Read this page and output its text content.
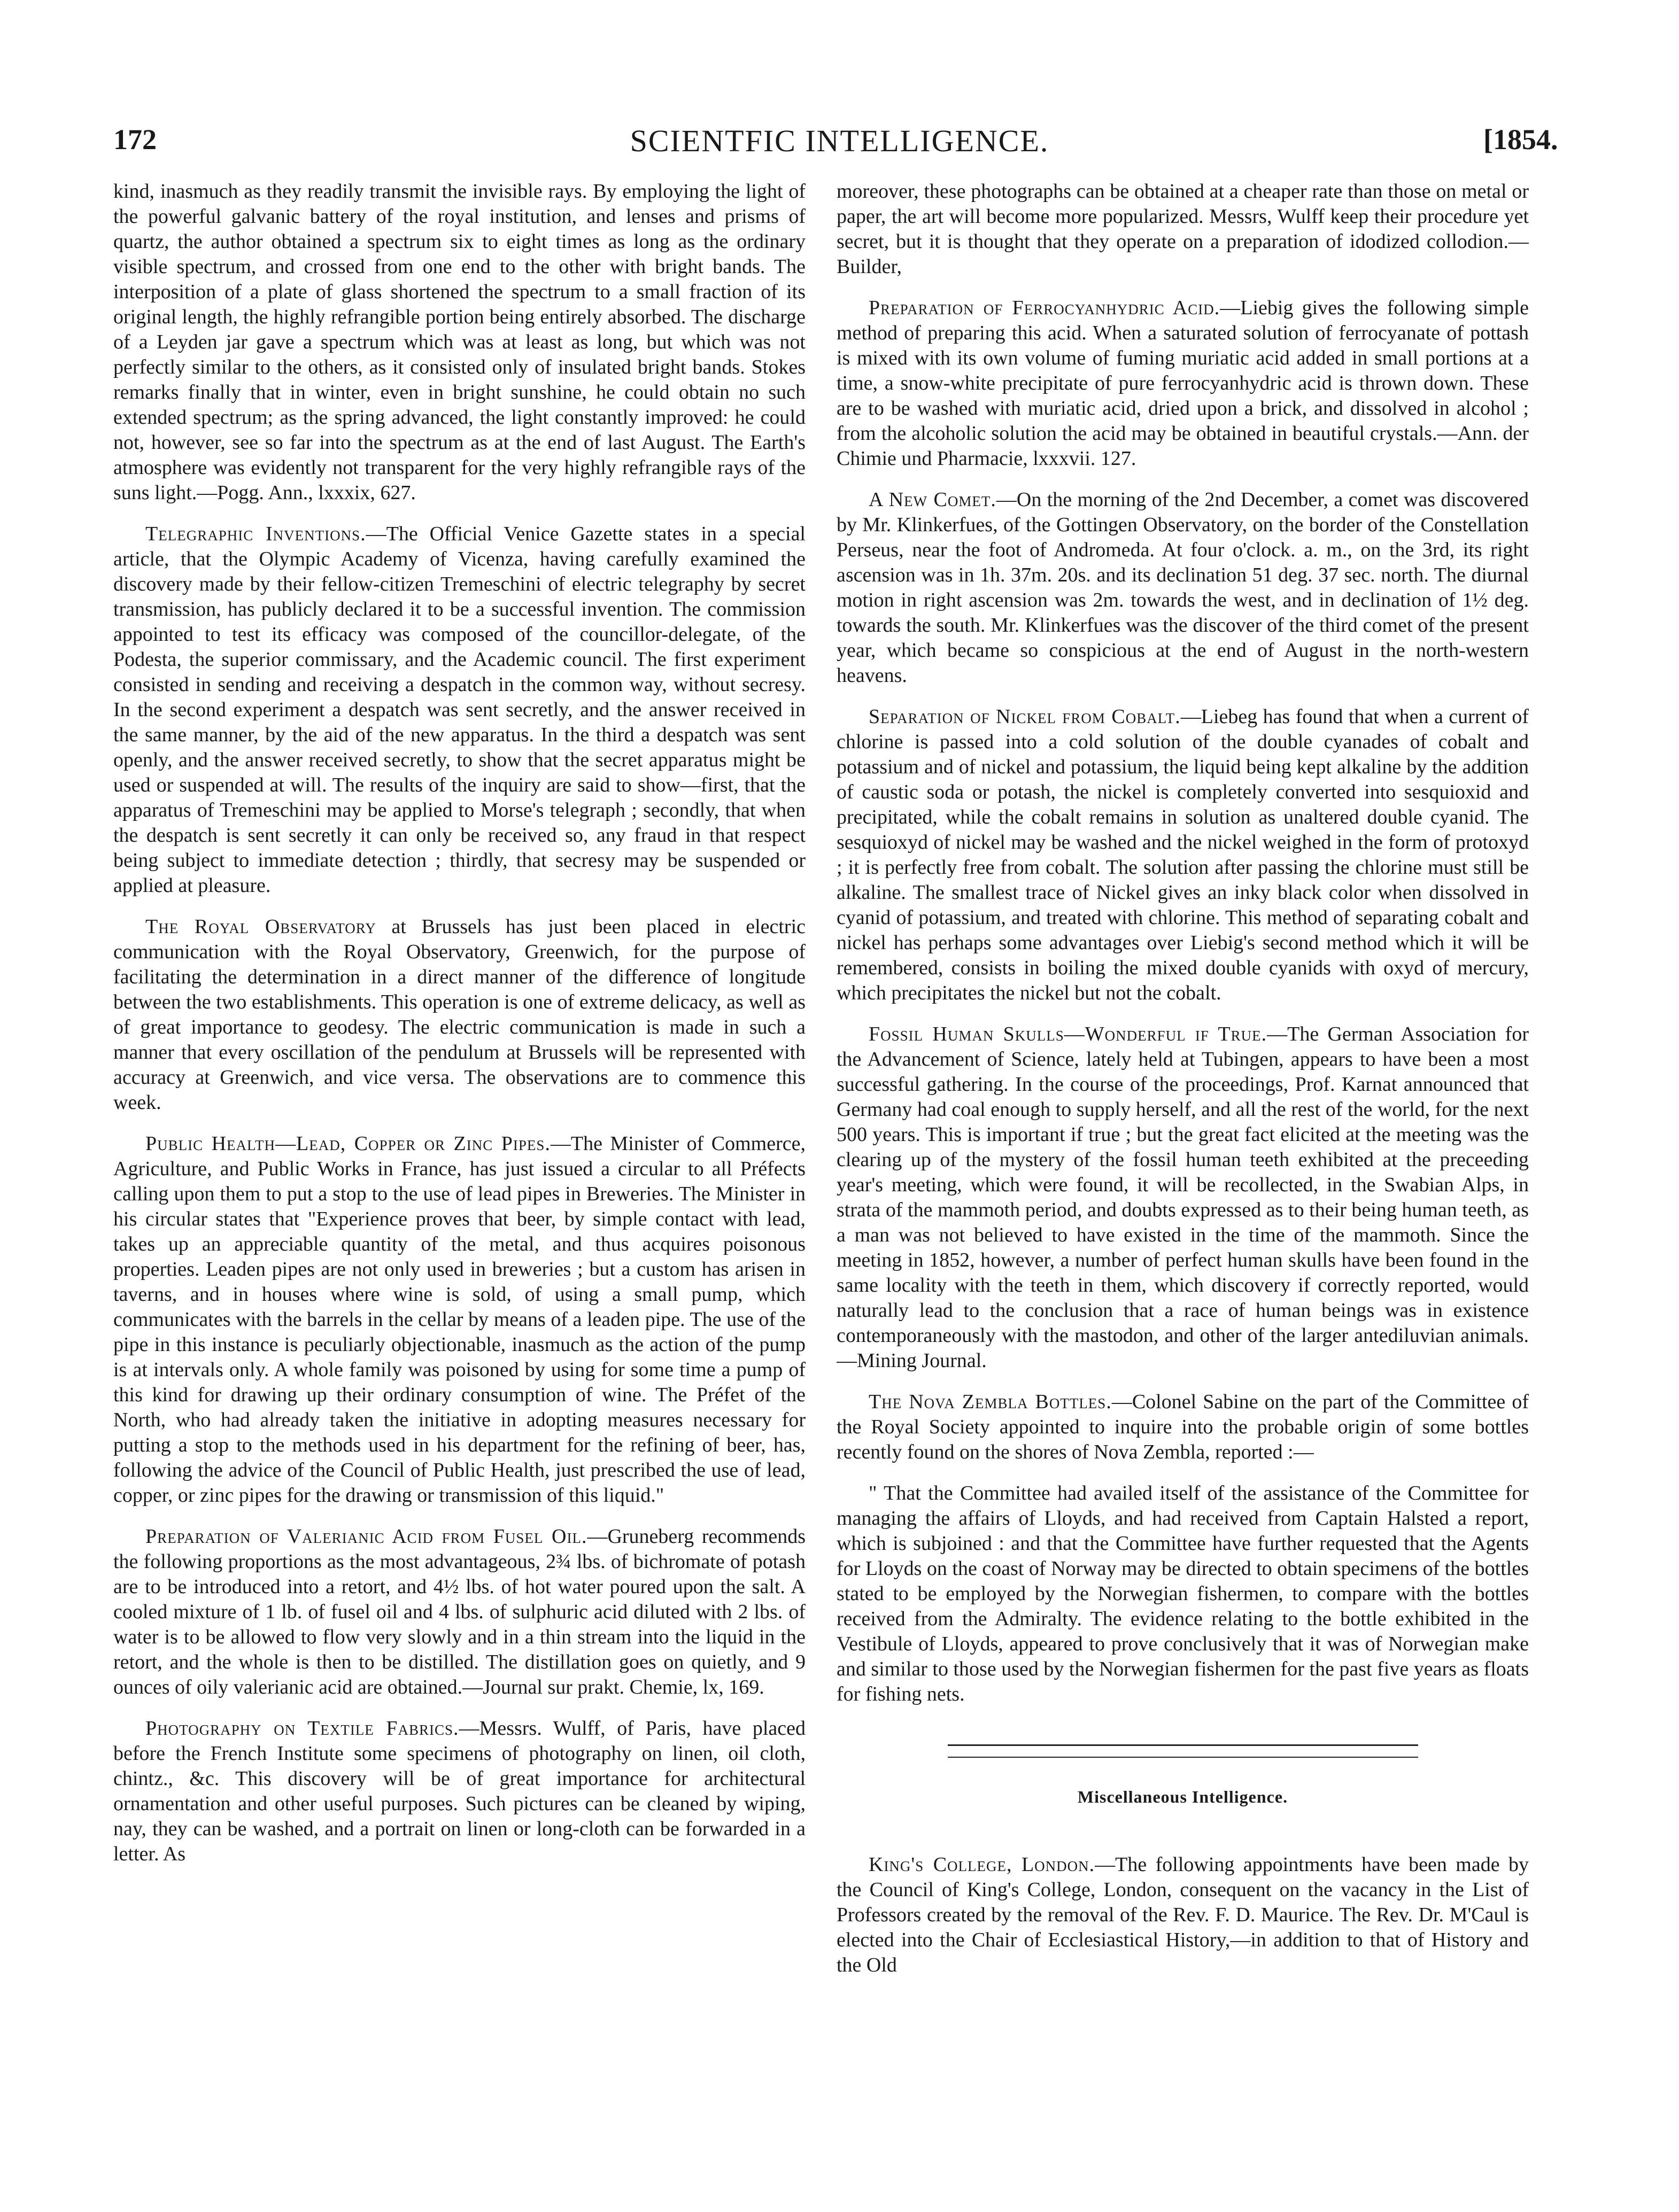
172	SCIENTFIC INTELLIGENCE.	[1854.

kind, inasmuch as they readily transmit the invisible rays. By employing the light of the powerful galvanic battery of the royal institution, and lenses and prisms of quartz, the author obtained a spectrum six to eight times as long as the ordinary visible spectrum, and crossed from one end to the other with bright bands. The interposition of a plate of glass shortened the spectrum to a small fraction of its original length, the highly refrangible portion being entirely absorbed. The discharge of a Leyden jar gave a spectrum which was at least as long, but which was not perfectly similar to the others, as it consisted only of insulated bright bands. Stokes remarks finally that in winter, even in bright sunshine, he could obtain no such extended spectrum; as the spring advanced, the light constantly improved: he could not, however, see so far into the spectrum as at the end of last August. The Earth's atmosphere was evidently not transparent for the very highly refrangible rays of the suns light.—Pogg. Ann., lxxxix, 627.

Telegraphic Inventions.—The Official Venice Gazette states in a special article, that the Olympic Academy of Vicenza, having carefully examined the discovery made by their fellow-citizen Tremeschini of electric telegraphy by secret transmission, has publicly declared it to be a successful invention. The commission appointed to test its efficacy was composed of the councillor-delegate, of the Podesta, the superior commissary, and the Academic council. The first experiment consisted in sending and receiving a despatch in the common way, without secresy. In the second experiment a despatch was sent secretly, and the answer received in the same manner, by the aid of the new apparatus. In the third a despatch was sent openly, and the answer received secretly, to show that the secret apparatus might be used or suspended at will. The results of the inquiry are said to show—first, that the apparatus of Tremeschini may be applied to Morse's telegraph ; secondly, that when the despatch is sent secretly it can only be received so, any fraud in that respect being subject to immediate detection ; thirdly, that secresy may be suspended or applied at pleasure.

The Royal Observatory at Brussels has just been placed in electric communication with the Royal Observatory, Greenwich, for the purpose of facilitating the determination in a direct manner of the difference of longitude between the two establishments. This operation is one of extreme delicacy, as well as of great importance to geodesy. The electric communication is made in such a manner that every oscillation of the pendulum at Brussels will be represented with accuracy at Greenwich, and vice versa. The observations are to commence this week.

Public Health—Lead, Copper or Zinc Pipes.—The Minister of Commerce, Agriculture, and Public Works in France, has just issued a circular to all Préfects calling upon them to put a stop to the use of lead pipes in Breweries. The Minister in his circular states that "Experience proves that beer, by simple contact with lead, takes up an appreciable quantity of the metal, and thus acquires poisonous properties. Leaden pipes are not only used in breweries ; but a custom has arisen in taverns, and in houses where wine is sold, of using a small pump, which communicates with the barrels in the cellar by means of a leaden pipe. The use of the pipe in this instance is peculiarly objectionable, inasmuch as the action of the pump is at intervals only. A whole family was poisoned by using for some time a pump of this kind for drawing up their ordinary consumption of wine. The Préfet of the North, who had already taken the initiative in adopting measures necessary for putting a stop to the methods used in his department for the refining of beer, has, following the advice of the Council of Public Health, just prescribed the use of lead, copper, or zinc pipes for the drawing or transmission of this liquid."

Preparation of Valerianic Acid from Fusel Oil.—Gruneberg recommends the following proportions as the most advantageous, 2¾ lbs. of bichromate of potash are to be introduced into a retort, and 4½ lbs. of hot water poured upon the salt. A cooled mixture of 1 lb. of fusel oil and 4 lbs. of sulphuric acid diluted with 2 lbs. of water is to be allowed to flow very slowly and in a thin stream into the liquid in the retort, and the whole is then to be distilled. The distillation goes on quietly, and 9 ounces of oily valerianic acid are obtained.—Journal sur prakt. Chemie, lx, 169.

Photography on Textile Fabrics.—Messrs. Wulff, of Paris, have placed before the French Institute some specimens of photography on linen, oil cloth, chintz., &c. This discovery will be of great importance for architectural ornamentation and other useful purposes. Such pictures can be cleaned by wiping, nay, they can be washed, and a portrait on linen or long-cloth can be forwarded in a letter. As

moreover, these photographs can be obtained at a cheaper rate than those on metal or paper, the art will become more popularized. Messrs, Wulff keep their procedure yet secret, but it is thought that they operate on a preparation of idodized collodion.—Builder,

Preparation of Ferrocyanhydric Acid.—Liebig gives the following simple method of preparing this acid. When a saturated solution of ferrocyanate of pottash is mixed with its own volume of fuming muriatic acid added in small portions at a time, a snow-white precipitate of pure ferrocyanhydric acid is thrown down. These are to be washed with muriatic acid, dried upon a brick, and dissolved in alcohol ; from the alcoholic solution the acid may be obtained in beautiful crystals.—Ann. der Chimie und Pharmacie, lxxxvii. 127.

A New Comet.—On the morning of the 2nd December, a comet was discovered by Mr. Klinkerfues, of the Gottingen Observatory, on the border of the Constellation Perseus, near the foot of Andromeda. At four o'clock. a. m., on the 3rd, its right ascension was in 1h. 37m. 20s. and its declination 51 deg. 37 sec. north. The diurnal motion in right ascension was 2m. towards the west, and in declination of 1½ deg. towards the south. Mr. Klinkerfues was the discover of the third comet of the present year, which became so conspicious at the end of August in the north-western heavens.

Separation of Nickel from Cobalt.—Liebeg has found that when a current of chlorine is passed into a cold solution of the double cyanades of cobalt and potassium and of nickel and potassium, the liquid being kept alkaline by the addition of caustic soda or potash, the nickel is completely converted into sesquioxid and precipitated, while the cobalt remains in solution as unaltered double cyanid. The sesquioxyd of nickel may be washed and the nickel weighed in the form of protoxyd ; it is perfectly free from cobalt. The solution after passing the chlorine must still be alkaline. The smallest trace of Nickel gives an inky black color when dissolved in cyanid of potassium, and treated with chlorine. This method of separating cobalt and nickel has perhaps some advantages over Liebig's second method which it will be remembered, consists in boiling the mixed double cyanids with oxyd of mercury, which precipitates the nickel but not the cobalt.

Fossil Human Skulls—Wonderful if True.—The German Association for the Advancement of Science, lately held at Tubingen, appears to have been a most successful gathering. In the course of the proceedings, Prof. Karnat announced that Germany had coal enough to supply herself, and all the rest of the world, for the next 500 years. This is important if true ; but the great fact elicited at the meeting was the clearing up of the mystery of the fossil human teeth exhibited at the preceeding year's meeting, which were found, it will be recollected, in the Swabian Alps, in strata of the mammoth period, and doubts expressed as to their being human teeth, as a man was not believed to have existed in the time of the mammoth. Since the meeting in 1852, however, a number of perfect human skulls have been found in the same locality with the teeth in them, which discovery if correctly reported, would naturally lead to the conclusion that a race of human beings was in existence contemporaneously with the mastodon, and other of the larger antediluvian animals.—Mining Journal.

The Nova Zembla Bottles.—Colonel Sabine on the part of the Committee of the Royal Society appointed to inquire into the probable origin of some bottles recently found on the shores of Nova Zembla, reported :—

" That the Committee had availed itself of the assistance of the Committee for managing the affairs of Lloyds, and had received from Captain Halsted a report, which is subjoined : and that the Committee have further requested that the Agents for Lloyds on the coast of Norway may be directed to obtain specimens of the bottles stated to be employed by the Norwegian fishermen, to compare with the bottles received from the Admiralty. The evidence relating to the bottle exhibited in the Vestibule of Lloyds, appeared to prove conclusively that it was of Norwegian make and similar to those used by the Norwegian fishermen for the past five years as floats for fishing nets.

Miscellaneous Intelligence.

King's College, London.—The following appointments have been made by the Council of King's College, London, consequent on the vacancy in the List of Professors created by the removal of the Rev. F. D. Maurice. The Rev. Dr. M'Caul is elected into the Chair of Ecclesiastical History,—in addition to that of History and the Old
